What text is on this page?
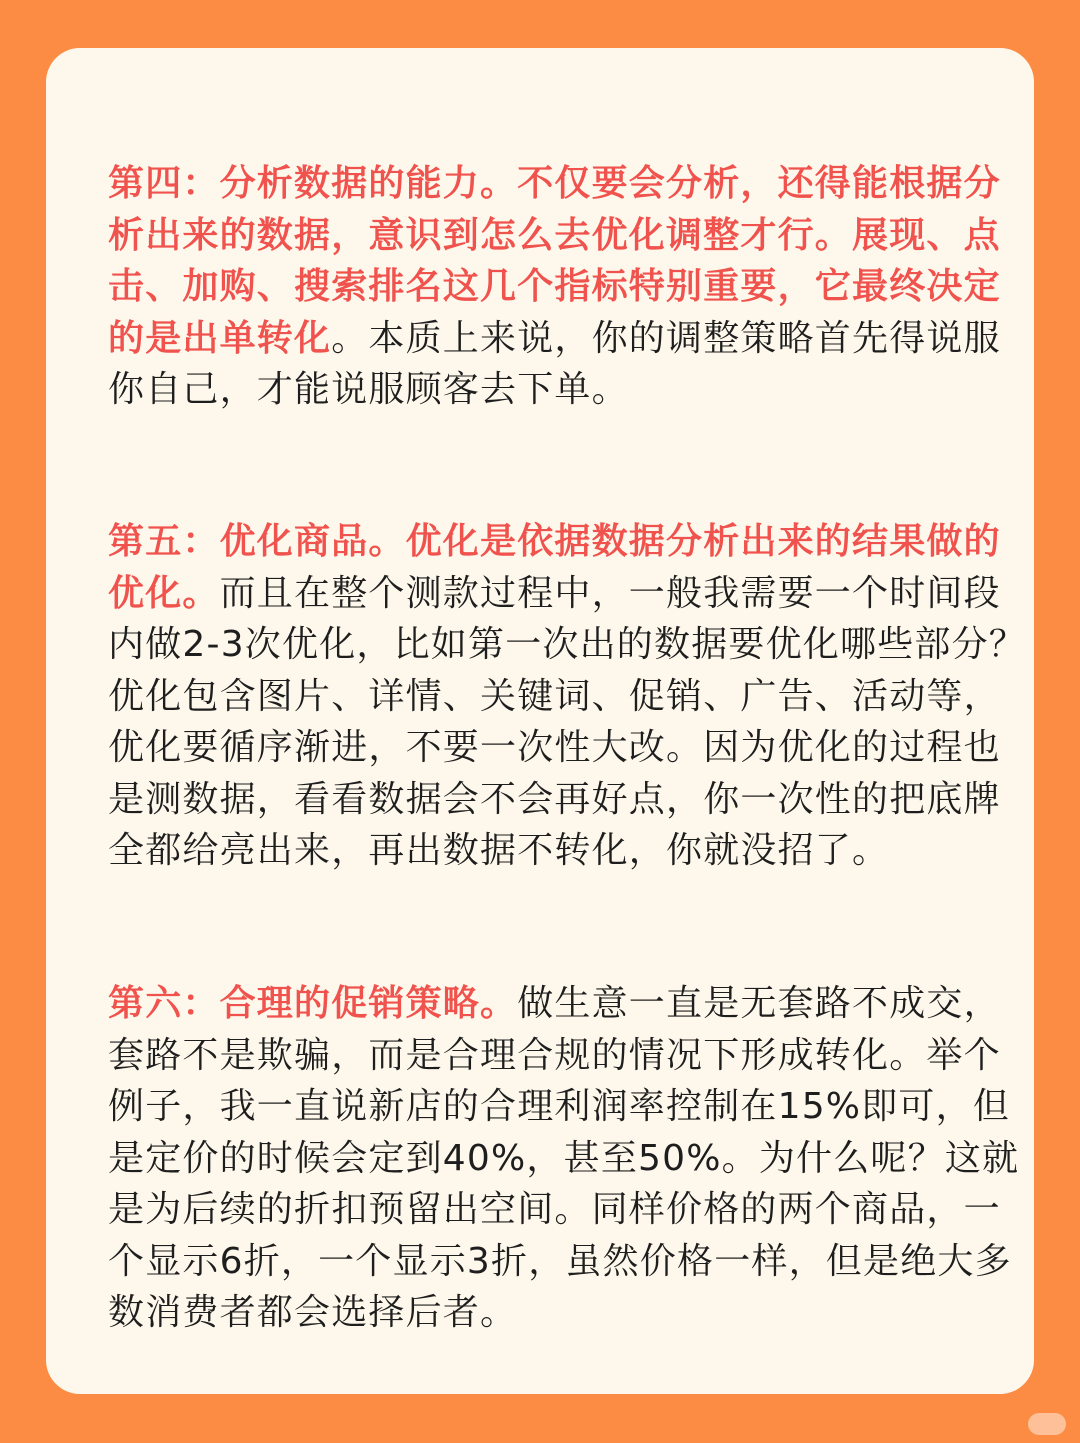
第四：分析数据的能力。不仅要会分析，还得能根据分析出来的数据，意识到怎么去优化调整才行。展现、点击、加购、搜索排名这几个指标特别重要，它最终决定的是出单转化。本质上来说，你的调整策略首先得说服你自己，才能说服顾客去下单。

第五：优化商品。优化是依据数据分析出来的结果做的优化。而且在整个测款过程中，一般我需要一个时间段内做2-3次优化，比如第一次出的数据要优化哪些部分？优化包含图片、详情、关键词、促销、广告、活动等，优化要循序渐进，不要一次性大改。因为优化的过程也是测数据，看看数据会不会再好点，你一次性的把底牌全都给亮出来，再出数据不转化，你就没招了。

第六：合理的促销策略。做生意一直是无套路不成交，套路不是欺骗，而是合理合规的情况下形成转化。举个例子，我一直说新店的合理利润率控制在15%即可，但是定价的时候会定到40%，甚至50%。为什么呢？这就是为后续的折扣预留出空间。同样价格的两个商品，一个显示6折，一个显示3折，虽然价格一样，但是绝大多数消费者都会选择后者。
